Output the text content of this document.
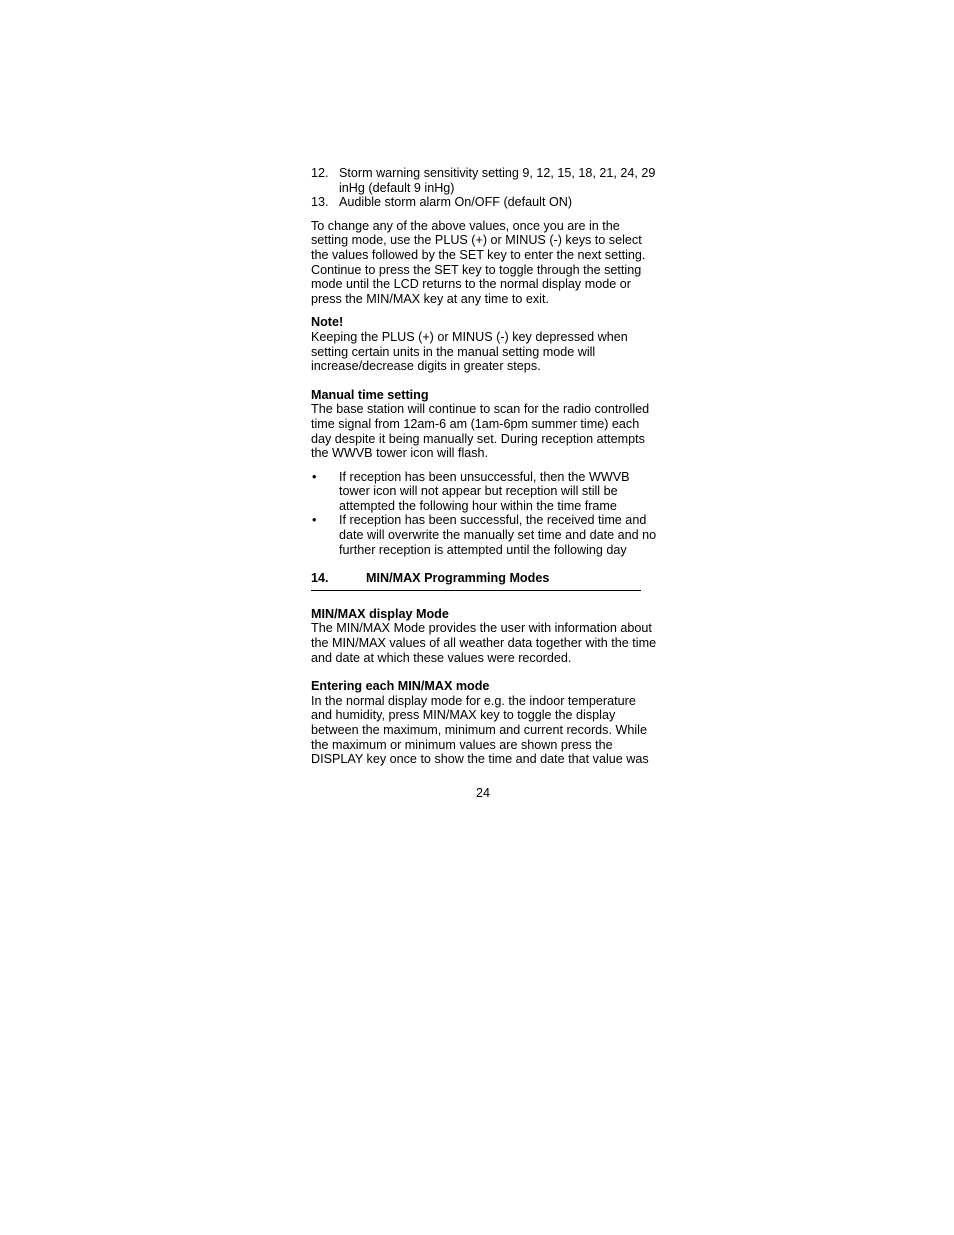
12. Storm warning sensitivity setting 9, 12, 15, 18, 21, 24, 29 inHg (default 9 inHg)
13. Audible storm alarm On/OFF (default ON)

To change any of the above values, once you are in the setting mode, use the PLUS (+) or MINUS (-) keys to select the values followed by the SET key to enter the next setting. Continue to press the SET key to toggle through the setting mode until the LCD returns to the normal display mode or press the MIN/MAX key at any time to exit.

Note!

Keeping the PLUS (+) or MINUS (-) key depressed when setting certain units in the manual setting mode will increase/decrease digits in greater steps.

Manual time setting

The base station will continue to scan for the radio controlled time signal from 12am-6 am (1am-6pm summer time) each day despite it being manually set. During reception attempts the WWVB tower icon will flash.

•	If reception has been unsuccessful, then the WWVB tower icon will not appear but reception will still be attempted the following hour within the time frame
•	If reception has been successful, the received time and date will overwrite the manually set time and date and no further reception is attempted until the following day
14.	MIN/MAX Programming Modes

MIN/MAX display Mode

The MIN/MAX Mode provides the user with information about the MIN/MAX values of all weather data together with the time and date at which these values were recorded.

Entering each MIN/MAX mode

In the normal display mode for e.g. the indoor temperature and humidity, press MIN/MAX key to toggle the display between the maximum, minimum and current records. While the maximum or minimum values are shown press the DISPLAY key once to show the time and date that value was

24
